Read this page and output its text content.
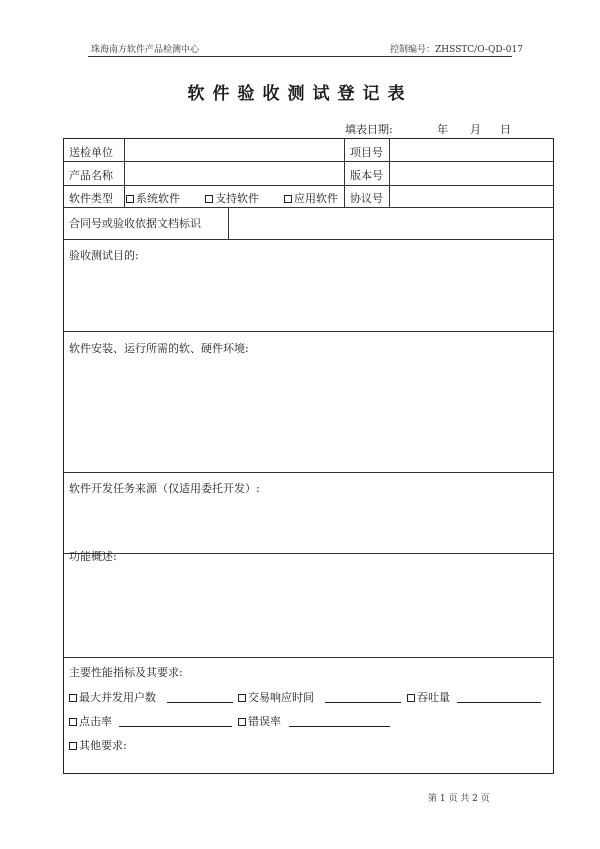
珠海南方软件产品检测中心	控制编号：ZHSSTC/O-QD-017
软件验收测试登记表
填表日期:	年 月 日
送检单位	项目号
产品名称	版本号
软件类型	系统软件	支持软件	应用软件 协议号
合同号或验收依据文档标识
验收测试目的:
软件安装、运行所需的软、硬件环境:
软件开发任务来源（仅适用委托开发）:
功能概述:
主要性能指标及其要求:
最大并发用户数	交易响应时间	吞吐量
点击率	错误率
其他要求:
第 1 页 共 2 页
